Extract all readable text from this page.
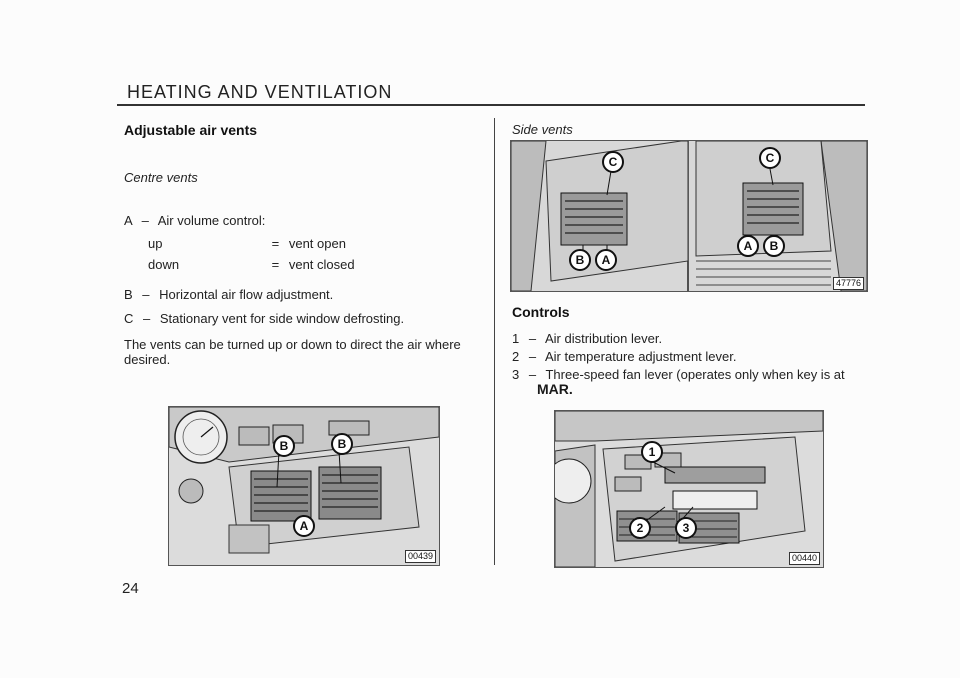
HEATING AND VENTILATION
Adjustable air vents
Centre vents
A – Air volume control:
up	= vent open
down	= vent closed
B – Horizontal air flow adjustment.
C – Stationary vent for side window defrosting.
The vents can be turned up or down to direct the air where desired.
B	B
A
00439
24
Side vents
C
B	A
C
A	B
47776
Controls
1 – Air distribution lever.
2 – Air temperature adjustment lever.
3 – Three-speed fan lever (operates only when key is at
MAR.
1
2	3
00440
